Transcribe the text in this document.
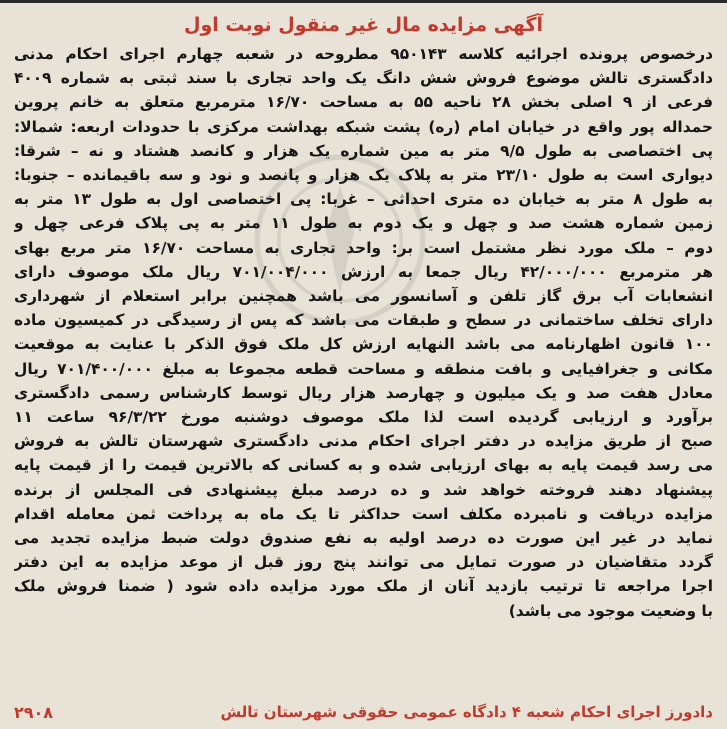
آگهی مزایده مال غیر منقول نوبت اول
درخصوص پرونده اجرائیه کلاسه ۹۵۰۱۴۳ مطروحه در شعبه چهارم اجرای احکام مدنی
دادگستری تالش موضوع فروش شش دانگ یک واحد تجاری با سند ثبتی به شماره ۴۰۰۹
فرعی از ۹ اصلی بخش ۲۸ ناحیه ۵۵ به مساحت ۱۶/۷۰ مترمربع متعلق به خانم پروین
حمداله پور واقع در خیابان امام (ره) پشت شبکه بهداشت مرکزی با حدودات اربعه: شمالا:
پی اختصاصی به طول ۹/۵ متر به مین شماره یک هزار و کانصد هشتاد و نه – شرقا:
دیواری است به طول ۲۳/۱۰ متر به پلاک یک هزار و پانصد و نود و سه باقیمانده – جنوبا:
به طول ۸ متر به خیابان ده متری احداثی – غربا: پی اختصاصی اول به طول ۱۳ متر به
زمین شماره هشت صد و چهل و یک دوم به طول ۱۱ متر به پی پلاک فرعی چهل و
دوم – ملک مورد نظر مشتمل است بر: واحد تجاری به مساحت ۱۶/۷۰ متر مربع بهای
هر مترمربع ۴۲/۰۰۰/۰۰۰ ریال جمعا به ارزش ۷۰۱/۰۰۴/۰۰۰ ریال ملک موصوف دارای
انشعابات آب برق گاز تلفن و آسانسور می باشد همچنین برابر استعلام از شهرداری
دارای تخلف ساختمانی در سطح و طبقات می باشد که پس از رسیدگی در کمیسیون ماده
۱۰۰ قانون اظهارنامه می باشد النهایه ارزش کل ملک فوق الذکر با عنایت به موقعیت
مکانی و جغرافیایی و بافت منطقه و مساحت قطعه مجموعا به مبلغ ۷۰۱/۴۰۰/۰۰۰ ریال
معادل هفت صد و یک میلیون و چهارصد هزار ریال توسط کارشناس رسمی دادگستری
برآورد و ارزیابی گردیده است لذا ملک موصوف دوشنبه مورخ ۹۶/۳/۲۲ ساعت ۱۱
صبح از طریق مزایده در دفتر اجرای احکام مدنی دادگستری شهرستان تالش به فروش
می رسد قیمت پایه به بهای ارزیابی شده و به کسانی که بالاترین قیمت را از قیمت پایه
پیشنهاد دهند فروخته خواهد شد و ده درصد مبلغ پیشنهادی فی المجلس از برنده
مزایده دریافت و نامبرده مکلف است حداکثر تا یک ماه به پرداخت ثمن معامله اقدام
نماید در غیر این صورت ده درصد اولیه به نفع صندوق دولت ضبط مزایده تجدید می
گردد متقاضیان در صورت تمایل می توانند پنج روز قبل از موعد مزایده به این دفتر
اجرا مراجعه تا ترتیب بازدید آنان از ملک مورد مزایده داده شود ( ضمنا فروش ملک
با وضعیت موجود می باشد)
دادورز اجرای احکام شعبه ۴ دادگاه عمومی حقوقی شهرستان تالش
۲۹۰۸
